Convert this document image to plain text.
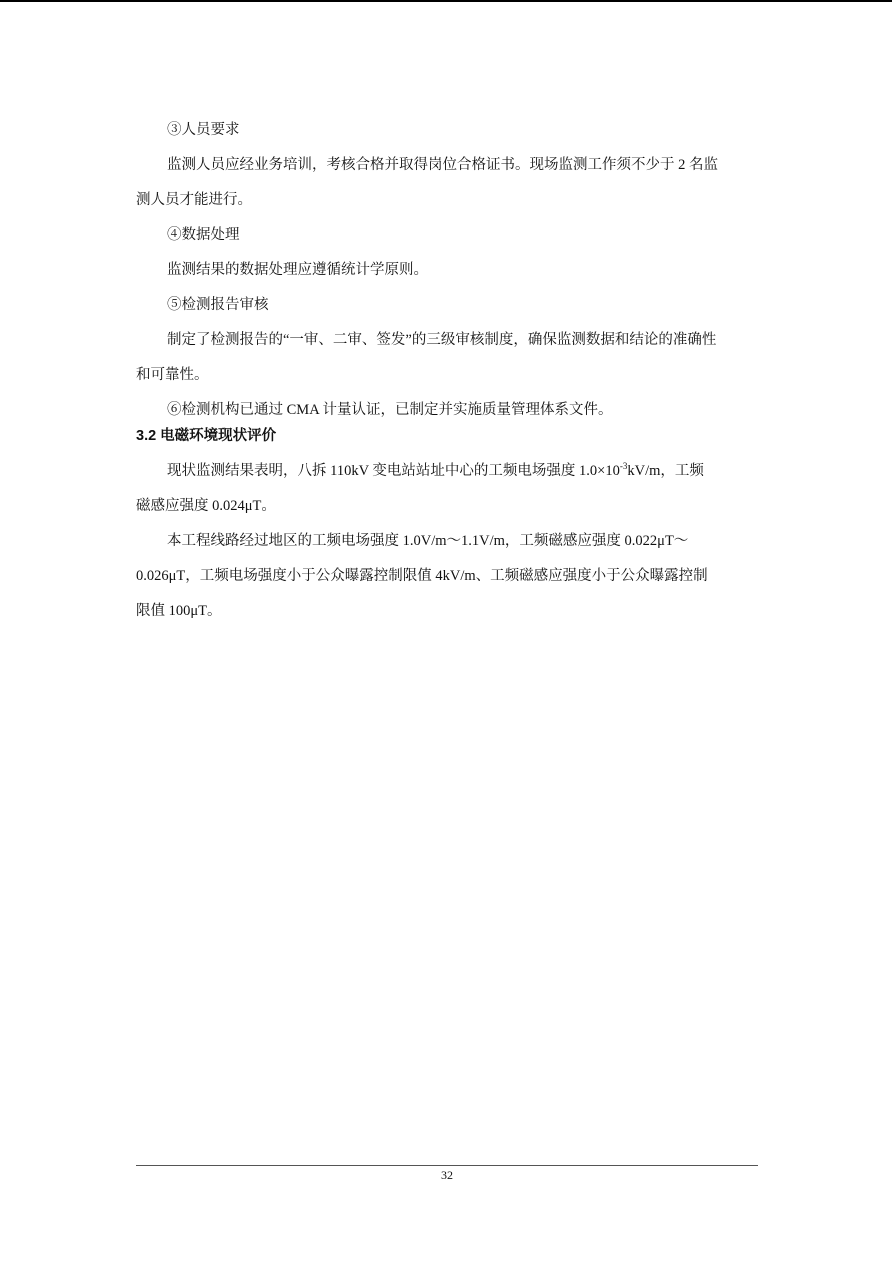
③人员要求

监测人员应经业务培训，考核合格并取得岗位合格证书。现场监测工作须不少于 2 名监

测人员才能进行。

④数据处理

监测结果的数据处理应遵循统计学原则。

⑤检测报告审核

制定了检测报告的“一审、二审、签发”的三级审核制度，确保监测数据和结论的准确性

和可靠性。

⑥检测机构已通过 CMA 计量认证，已制定并实施质量管理体系文件。

3.2 电磁环境现状评价

现状监测结果表明，八拆 110kV 变电站站址中心的工频电场强度 $1.0\times 10^{-3}kV/m$，工频

磁感应强度 0.024μT。

本工程线路经过地区的工频电场强度 1.0V/m～1.1V/m，工频磁感应强度 0.022μT～

0.026μT，工频电场强度小于公众曝露控制限值 4kV/m、工频磁感应强度小于公众曝露控制

限值 100μT。

32
